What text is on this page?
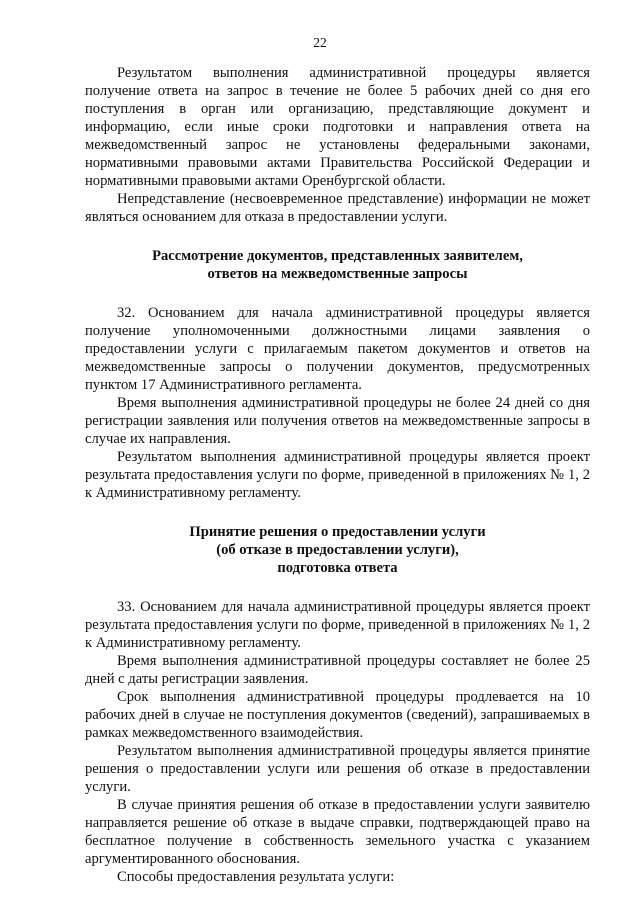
22

Результатом выполнения административной процедуры является получение ответа на запрос в течение не более 5 рабочих дней со дня его поступления в орган или организацию, представляющие документ и информацию, если иные сроки подготовки и направления ответа на межведомственный запрос не установлены федеральными законами, нормативными правовыми актами Правительства Российской Федерации и нормативными правовыми актами Оренбургской области.

Непредставление (несвоевременное представление) информации не может являться основанием для отказа в предоставлении услуги.

Рассмотрение документов, представленных заявителем,

ответов на межведомственные запросы

32. Основанием для начала административной процедуры является получение уполномоченными должностными лицами заявления о предоставлении услуги с прилагаемым пакетом документов и ответов на межведомственные запросы о получении документов, предусмотренных пунктом 17 Административного регламента.

Время выполнения административной процедуры не более 24 дней со дня регистрации заявления или получения ответов на межведомственные запросы в случае их направления.

Результатом выполнения административной процедуры является проект результата предоставления услуги по форме, приведенной в приложениях № 1, 2 к Административному регламенту.

Принятие решения о предоставлении услуги

(об отказе в предоставлении услуги),

подготовка ответа

33. Основанием для начала административной процедуры является проект результата предоставления услуги по форме, приведенной в приложениях № 1, 2 к Административному регламенту.

Время выполнения административной процедуры составляет не более 25 дней с даты регистрации заявления.

Срок выполнения административной процедуры продлевается на 10 рабочих дней в случае не поступления документов (сведений), запрашиваемых в рамках межведомственного взаимодействия.

Результатом выполнения административной процедуры является принятие решения о предоставлении услуги или решения об отказе в предоставлении услуги.

В случае принятия решения об отказе в предоставлении услуги заявителю направляется решение об отказе в выдаче справки, подтверждающей право на бесплатное получение в собственность земельного участка с указанием аргументированного обоснования.

Способы предоставления результата услуги:
